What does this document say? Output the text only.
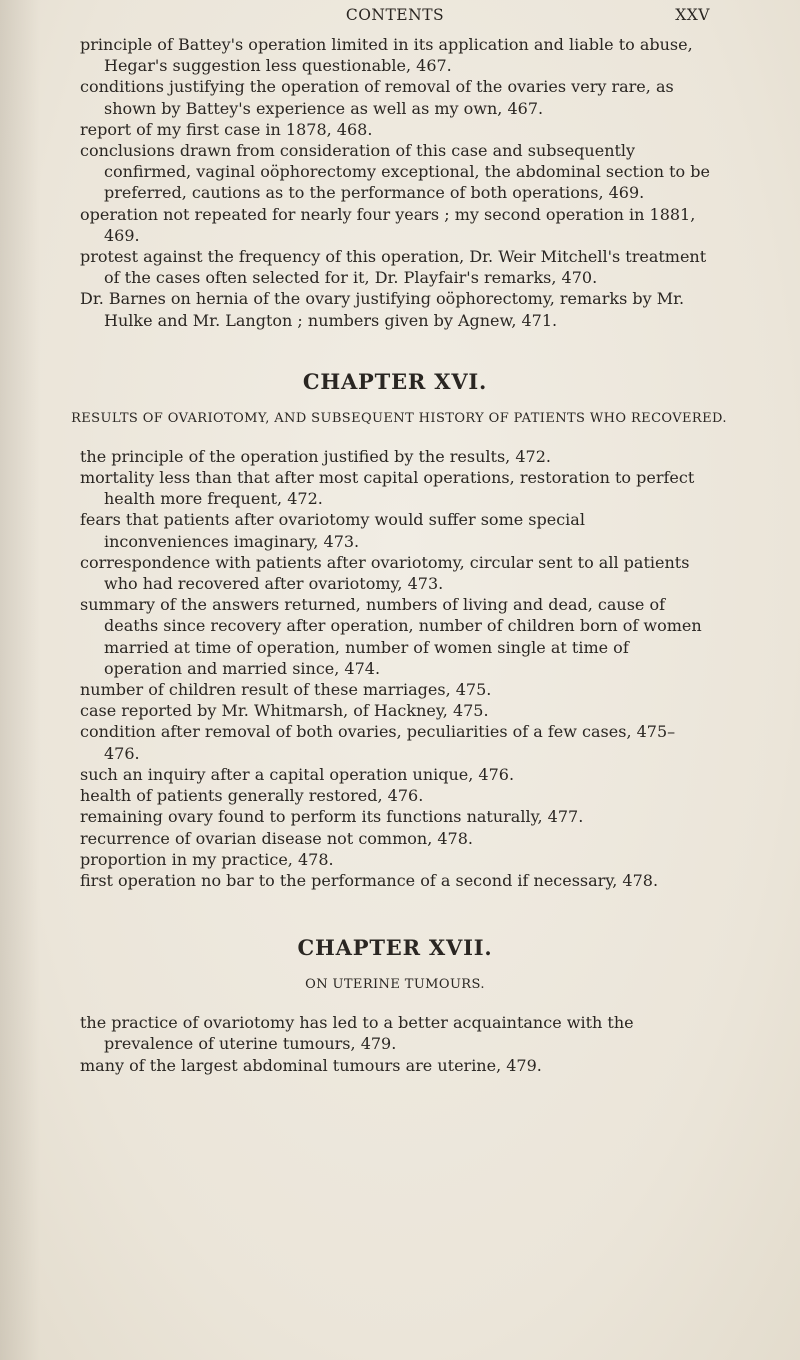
CONTENTS	XXV
principle of Battey's operation limited in its application and liable to abuse, Hegar's suggestion less questionable, 467.
conditions justifying the operation of removal of the ovaries very rare, as shown by Battey's experience as well as my own, 467.
report of my first case in 1878, 468.
conclusions drawn from consideration of this case and subsequently confirmed, vaginal oöphorectomy exceptional, the abdominal section to be preferred, cautions as to the performance of both operations, 469.
operation not repeated for nearly four years ; my second operation in 1881, 469.
protest against the frequency of this operation, Dr. Weir Mitchell's treatment of the cases often selected for it, Dr. Playfair's remarks, 470.
Dr. Barnes on hernia of the ovary justifying oöphorectomy, remarks by Mr. Hulke and Mr. Langton ; numbers given by Agnew, 471.
CHAPTER XVI.

RESULTS OF OVARIOTOMY, AND SUBSEQUENT HISTORY OF PATIENTS WHO RECOVERED.

the principle of the operation justified by the results, 472.
mortality less than that after most capital operations, restoration to perfect health more frequent, 472.
fears that patients after ovariotomy would suffer some special inconveniences imaginary, 473.
correspondence with patients after ovariotomy, circular sent to all patients who had recovered after ovariotomy, 473.
summary of the answers returned, numbers of living and dead, cause of deaths since recovery after operation, number of children born of women married at time of operation, number of women single at time of operation and married since, 474.
number of children result of these marriages, 475.
case reported by Mr. Whitmarsh, of Hackney, 475.
condition after removal of both ovaries, peculiarities of a few cases, 475–476.
such an inquiry after a capital operation unique, 476.
health of patients generally restored, 476.
remaining ovary found to perform its functions naturally, 477.
recurrence of ovarian disease not common, 478.
proportion in my practice, 478.
first operation no bar to the performance of a second if necessary, 478.
CHAPTER XVII.

ON UTERINE TUMOURS.

the practice of ovariotomy has led to a better acquaintance with the prevalence of uterine tumours, 479.
many of the largest abdominal tumours are uterine, 479.
